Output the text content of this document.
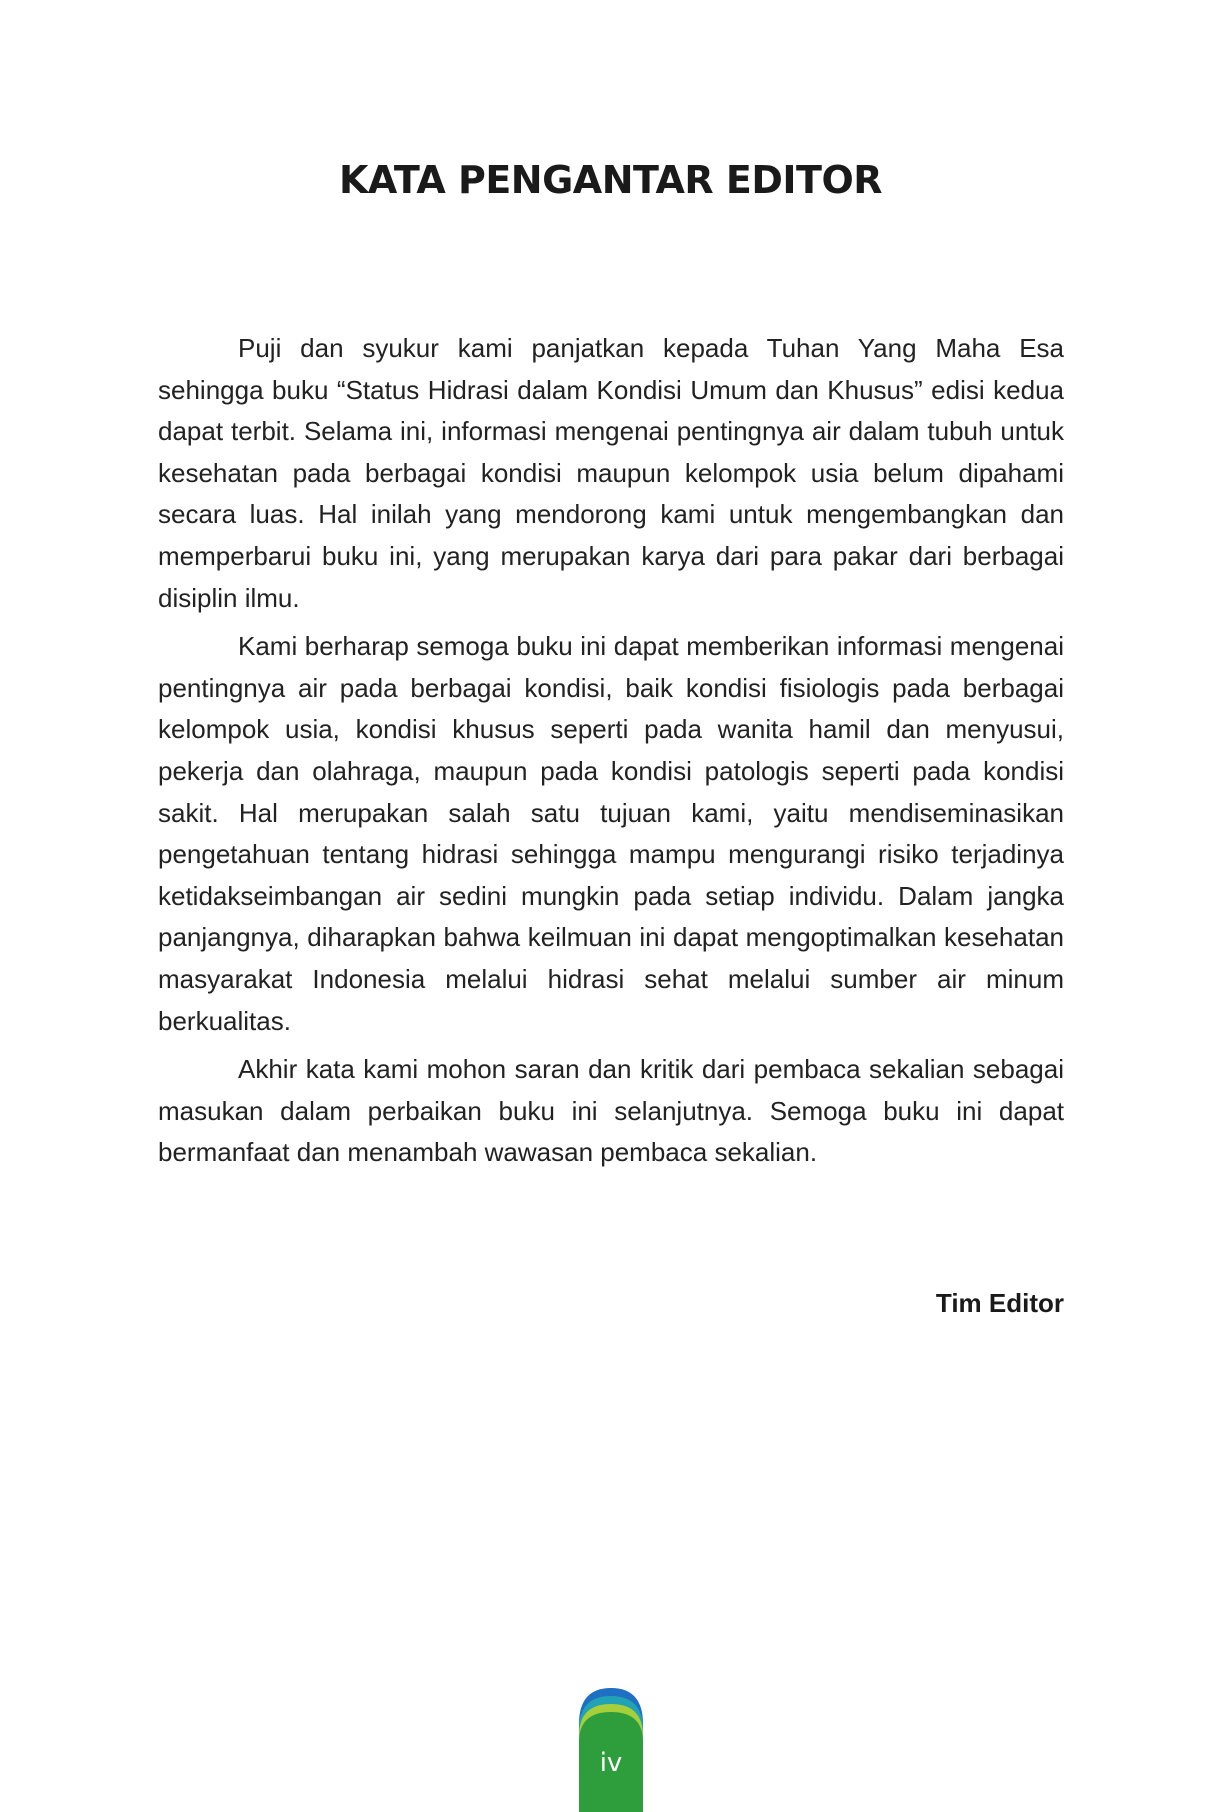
KATA PENGANTAR EDITOR

Puji dan syukur kami panjatkan kepada Tuhan Yang Maha Esa sehingga buku “Status Hidrasi dalam Kondisi Umum dan Khusus” edisi kedua dapat terbit. Selama ini, informasi mengenai pentingnya air dalam tubuh untuk kesehatan pada berbagai kondisi maupun kelompok usia belum dipahami secara luas. Hal inilah yang mendorong kami untuk mengembangkan dan memperbarui buku ini, yang merupakan karya dari para pakar dari berbagai disiplin ilmu.

Kami berharap semoga buku ini dapat memberikan informasi mengenai pentingnya air pada berbagai kondisi, baik kondisi fisiologis pada berbagai kelompok usia, kondisi khusus seperti pada wanita hamil dan menyusui, pekerja dan olahraga, maupun pada kondisi patologis seperti pada kondisi sakit. Hal merupakan salah satu tujuan kami, yaitu mendiseminasikan pengetahuan tentang hidrasi sehingga mampu mengurangi risiko terjadinya ketidakseimbangan air sedini mungkin pada setiap individu. Dalam jangka panjangnya, diharapkan bahwa keilmuan ini dapat mengoptimalkan kesehatan masyarakat Indonesia melalui hidrasi sehat melalui sumber air minum berkualitas.

Akhir kata kami mohon saran dan kritik dari pembaca sekalian sebagai masukan dalam perbaikan buku ini selanjutnya. Semoga buku ini dapat bermanfaat dan menambah wawasan pembaca sekalian.

Tim Editor
iv
